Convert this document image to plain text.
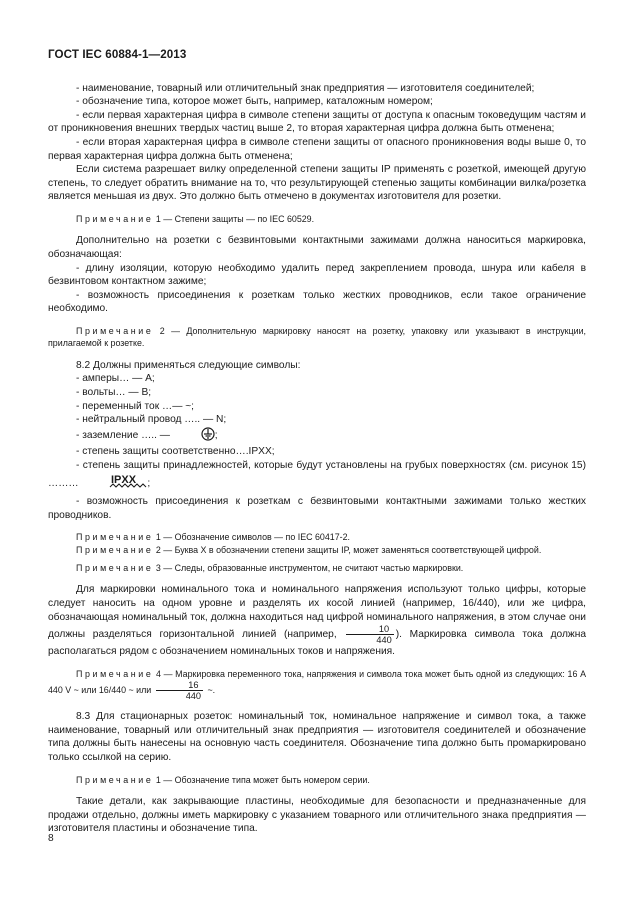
ГОСТ IEC 60884-1—2013

- наименование, товарный или отличительный знак предприятия — изготовителя соединителей;

- обозначение типа, которое может быть, например, каталожным номером;

- если первая характерная цифра в символе степени защиты от доступа к опасным токоведущим частям и от проникновения внешних твердых частиц выше 2, то вторая характерная цифра должна быть отменена;

- если вторая характерная цифра в символе степени защиты от опасного проникновения воды выше 0, то первая характерная цифра должна быть отменена;

Если система разрешает вилку определенной степени защиты IP применять с розеткой, имеющей другую степень, то следует обратить внимание на то, что результирующей степенью защиты комбинации вилка/розетка является меньшая из двух. Это должно быть отмечено в документах изготовителя для розетки.

Примечание 1 — Степени защиты — по IEC 60529.

Дополнительно на розетки с безвинтовыми контактными зажимами должна наноситься маркировка, обозначающая:

- длину изоляции, которую необходимо удалить перед закреплением провода, шнура или кабеля в безвинтовом контактном зажиме;

- возможность присоединения к розеткам только жестких проводников, если такое ограничение необходимо.

Примечание 2 — Дополнительную маркировку наносят на розетку, упаковку или указывают в инструкции, прилагаемой к розетке.

8.2 Должны применяться следующие символы:

- амперы… — А;

- вольты… — В;

- переменный ток …— ~;

- нейтральный провод ….. — N;

- заземление ….. —	;

- степень защиты соответственно….IPXX;

- степень защиты принадлежностей, которые будут установлены на грубых поверхностях (см. рисунок 15) ………	IPXX ;

- возможность присоединения к розеткам с безвинтовыми контактными зажимами только жестких проводников.

Примечание 1 — Обозначение символов — по IEC 60417-2.

Примечание 2 — Буква X в обозначении степени защиты IP, может заменяться соответствующей цифрой.

Примечание 3 — Следы, образованные инструментом, не считают частью маркировки.

Для маркировки номинального тока и номинального напряжения используют только цифры, которые следует наносить на одном уровне и разделять их косой линией (например, 16/440), или же цифра, обозначающая номинальный ток, должна находиться над цифрой номинального напряжения, в этом случае они должны разделяться горизонтальной линией (например, $\frac{10}{440}$ ). Маркировка символа тока должна располагаться рядом с обозначением номинальных токов и напряжения.

Примечание 4 — Маркировка переменного тока, напряжения и символа тока может быть одной из следующих: 16 А 440 V ~ или 16/440 ~ или $\frac{16}{440}$ ~.

8.3 Для стационарных розеток: номинальный ток, номинальное напряжение и символ тока, а также наименование, товарный или отличительный знак предприятия — изготовителя соединителей и обозначение типа должны быть нанесены на основную часть соединителя. Обозначение типа должно быть промаркировано только ссылкой на серию.

Примечание 1 — Обозначение типа может быть номером серии.

Такие детали, как закрывающие пластины, необходимые для безопасности и предназначенные для продажи отдельно, должны иметь маркировку с указанием товарного или отличительного знака предприятия — изготовителя пластины и обозначение типа.

8
